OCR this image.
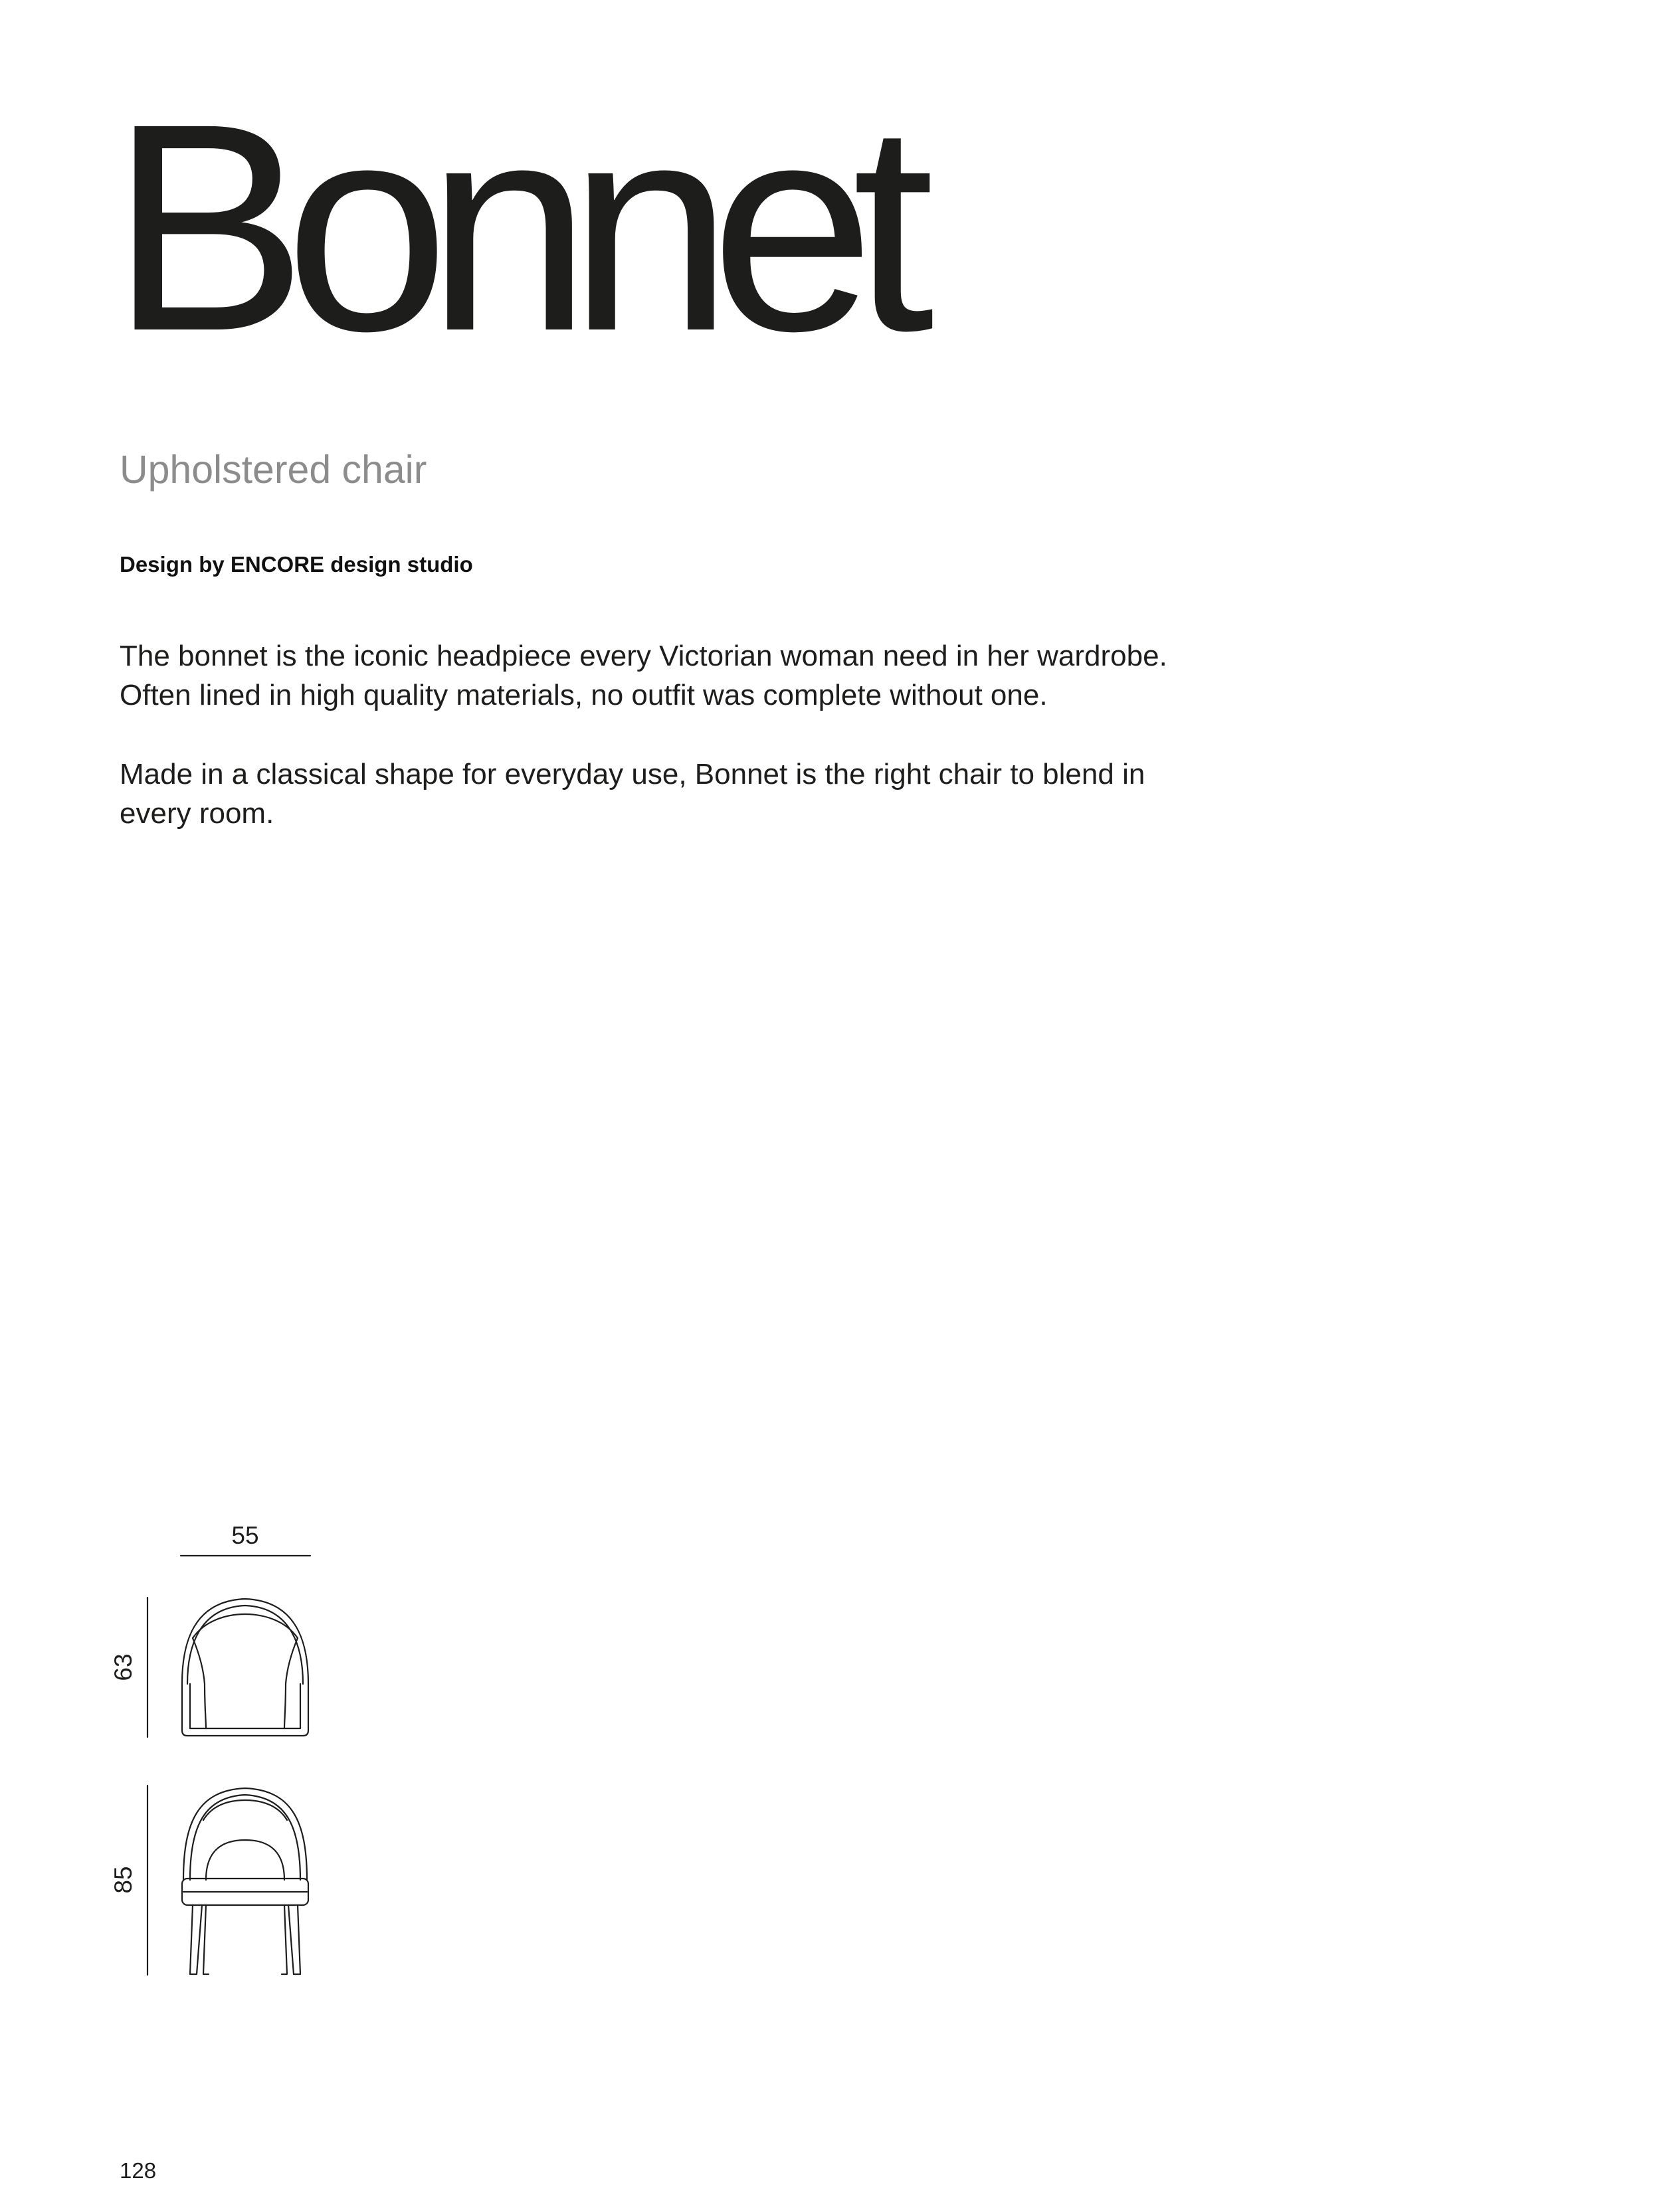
Bonnet

Upholstered chair

Design by ENCORE design studio

The bonnet is the iconic headpiece every Victorian woman need in her wardrobe.
Often lined in high quality materials, no outfit was complete without one.
Made in a classical shape for everyday use, Bonnet is the right chair to blend in
every room.
55
63
85

128
